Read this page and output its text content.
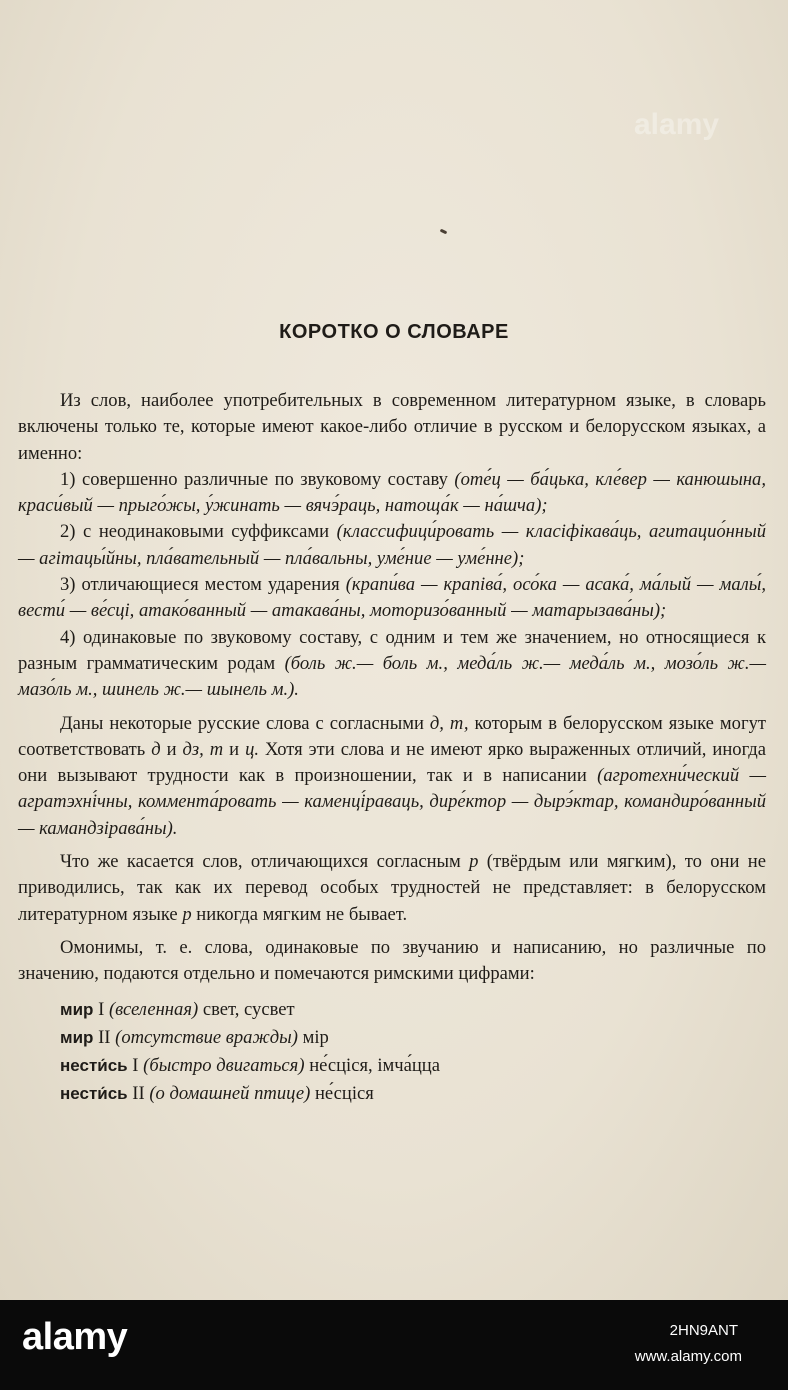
alamy
КОРОТКО О СЛОВАРЕ

Из слов, наиболее употребительных в современном литературном языке, в словарь включены только те, которые имеют какое-либо отличие в русском и белорусском языках, а именно:

1) совершенно различные по звуковому составу (оте́ц — ба́цька, кле́вер — канюшына, краси́вый — прыго́жы, у́жинать — вячэ́раць, натоща́к — на́шча);

2) с неодинаковыми суффиксами (классифици́ровать — класіфікава́ць, агитацио́нный — агітацы́йны, пла́вательный — пла́вальны, уме́ние — уме́нне);

3) отличающиеся местом ударения (крапи́ва — крапіва́, осо́ка — асака́, ма́лый — малы́, вести́ — ве́сці, атако́ванный — атакава́ны, моторизо́ванный — матарызава́ны);

4) одинаковые по звуковому составу, с одним и тем же значением, но относящиеся к разным грамматическим родам (боль ж.— боль м., меда́ль ж.— меда́ль м., мозо́ль ж.— мазо́ль м., шинель ж.— шынель м.).

Даны некоторые русские слова с согласными д, т, которым в белорусском языке могут соответствовать д и дз, т и ц. Хотя эти слова и не имеют ярко выраженных отличий, иногда они вызывают трудности как в произношении, так и в написании (агротехни́ческий — агратэхні́чны, коммента́ровать — каменці́раваць, дире́ктор — дырэ́ктар, командиро́ванный — камандзірава́ны).

Что же касается слов, отличающихся согласным р (твёрдым или мягким), то они не приводились, так как их перевод особых трудностей не представляет: в белорусском литературном языке р никогда мягким не бывает.

Омонимы, т. е. слова, одинаковые по звучанию и написанию, но различные по значению, подаются отдельно и помечаются римскими цифрами:

мир I (вселенная) свет, сусвет
мир II (отсутствие вражды) мір
нести́сь I (быстро двигаться) не́сціся, імча́цца
нести́сь II (о домашней птице) не́сціся
alamy	2HN9ANT
www.alamy.com
